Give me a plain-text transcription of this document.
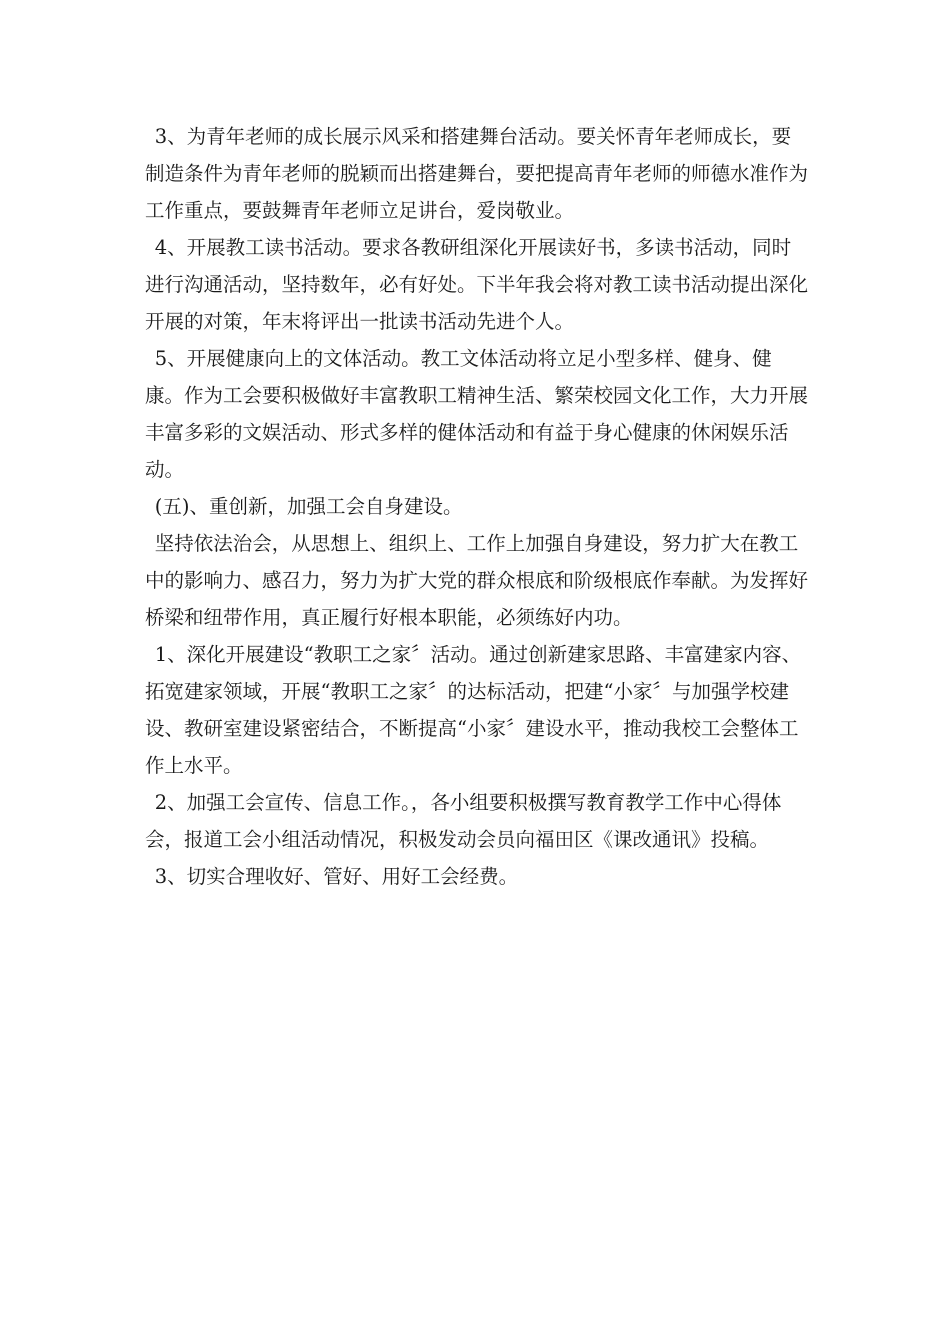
3、为青年老师的成长展示风采和搭建舞台活动。要关怀青年老师成长，要制造条件为青年老师的脱颖而出搭建舞台，要把提高青年老师的师德水准作为工作重点，要鼓舞青年老师立足讲台，爱岗敬业。

4、开展教工读书活动。要求各教研组深化开展读好书，多读书活动，同时进行沟通活动，坚持数年，必有好处。下半年我会将对教工读书活动提出深化开展的对策，年末将评出一批读书活动先进个人。

5、开展健康向上的文体活动。教工文体活动将立足小型多样、健身、健康。作为工会要积极做好丰富教职工精神生活、繁荣校园文化工作，大力开展丰富多彩的文娱活动、形式多样的健体活动和有益于身心健康的休闲娱乐活动。

(五)、重创新，加强工会自身建设。

坚持依法治会，从思想上、组织上、工作上加强自身建设，努力扩大在教工中的影响力、感召力，努力为扩大党的群众根底和阶级根底作奉献。为发挥好桥梁和纽带作用，真正履行好根本职能，必须练好内功。

1、深化开展建设“教职工之家〞活动。通过创新建家思路、丰富建家内容、拓宽建家领域，开展“教职工之家〞的达标活动，把建“小家〞与加强学校建设、教研室建设紧密结合，不断提高“小家〞建设水平，推动我校工会整体工作上水平。

2、加强工会宣传、信息工作。，各小组要积极撰写教育教学工作中心得体会，报道工会小组活动情况，积极发动会员向福田区《课改通讯》投稿。

3、切实合理收好、管好、用好工会经费。
